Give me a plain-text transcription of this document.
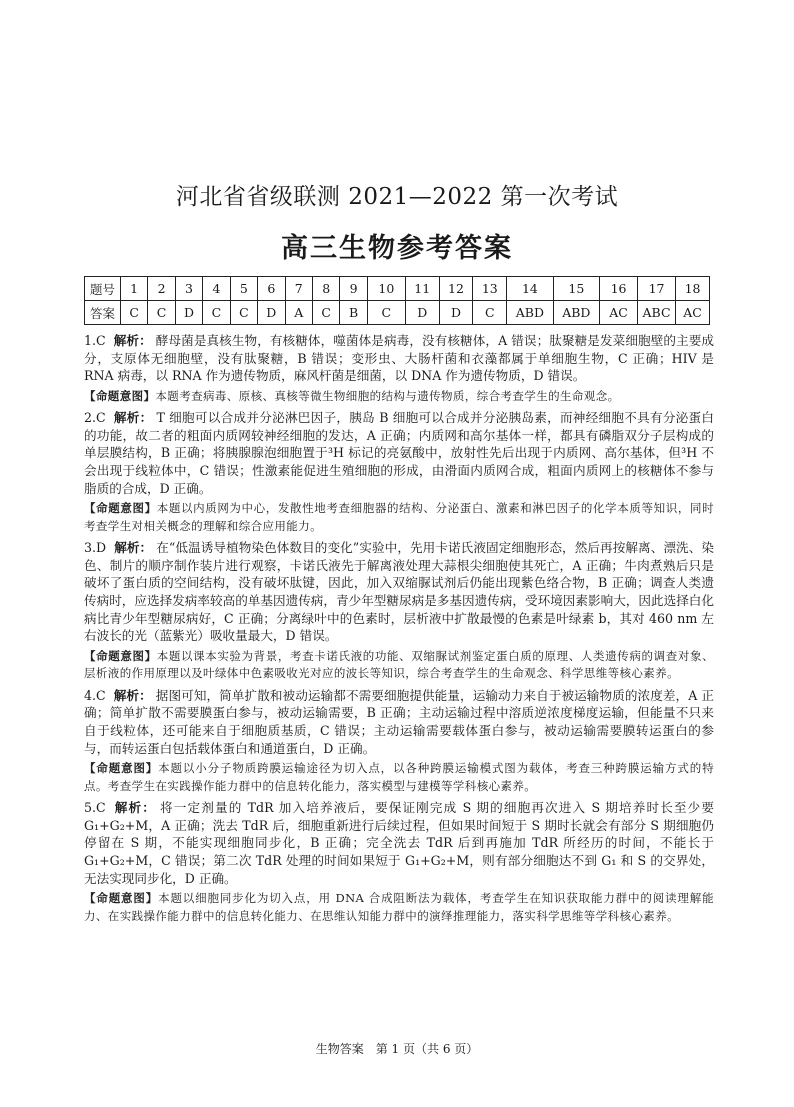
河北省省级联测 2021—2022 第一次考试
高三生物参考答案
题号	1	2	3	4	5	6	7	8	9	10	11	12	13	14	15	16	17	18
答案	C	C	D	C	C	D	A	C	B	C	D	D	C	ABD	ABD	AC	ABC	AC

1.C 解析： 酵母菌是真核生物，有核糖体，噬菌体是病毒，没有核糖体，A 错误；肽聚糖是发菜细胞壁的主要成分，支原体无细胞壁，没有肽聚糖，B 错误；变形虫、大肠杆菌和衣藻都属于单细胞生物，C 正确；HIV 是 RNA 病毒，以 RNA 作为遗传物质，麻风杆菌是细菌，以 DNA 作为遗传物质，D 错误。

【命题意图】本题考查病毒、原核、真核等微生物细胞的结构与遗传物质，综合考查学生的生命观念。

2.C 解析： T 细胞可以合成并分泌淋巴因子，胰岛 B 细胞可以合成并分泌胰岛素，而神经细胞不具有分泌蛋白的功能，故二者的粗面内质网较神经细胞的发达，A 正确；内质网和高尔基体一样，都具有磷脂双分子层构成的单层膜结构，B 正确；将胰腺腺泡细胞置于³H 标记的亮氨酸中，放射性先后出现于内质网、高尔基体，但³H 不会出现于线粒体中，C 错误；性激素能促进生殖细胞的形成，由滑面内质网合成，粗面内质网上的核糖体不参与脂质的合成，D 正确。

【命题意图】本题以内质网为中心，发散性地考查细胞器的结构、分泌蛋白、激素和淋巴因子的化学本质等知识，同时考查学生对相关概念的理解和综合应用能力。

3.D 解析： 在“低温诱导植物染色体数目的变化”实验中，先用卡诺氏液固定细胞形态，然后再按解离、漂洗、染色、制片的顺序制作装片进行观察，卡诺氏液先于解离液处理大蒜根尖细胞使其死亡，A 正确；牛肉煮熟后只是破坏了蛋白质的空间结构，没有破坏肽键，因此，加入双缩脲试剂后仍能出现紫色络合物，B 正确；调查人类遗传病时，应选择发病率较高的单基因遗传病，青少年型糖尿病是多基因遗传病，受环境因素影响大，因此选择白化病比青少年型糖尿病好，C 正确；分离绿叶中的色素时，层析液中扩散最慢的色素是叶绿素 b，其对 460 nm 左右波长的光（蓝紫光）吸收量最大，D 错误。

【命题意图】本题以课本实验为背景，考查卡诺氏液的功能、双缩脲试剂鉴定蛋白质的原理、人类遗传病的调查对象、层析液的作用原理以及叶绿体中色素吸收光对应的波长等知识，综合考查学生的生命观念、科学思维等核心素养。

4.C 解析： 据图可知，简单扩散和被动运输都不需要细胞提供能量，运输动力来自于被运输物质的浓度差，A 正确；简单扩散不需要膜蛋白参与，被动运输需要，B 正确；主动运输过程中溶质逆浓度梯度运输，但能量不只来自于线粒体，还可能来自于细胞质基质，C 错误；主动运输需要载体蛋白参与，被动运输需要膜转运蛋白的参与，而转运蛋白包括载体蛋白和通道蛋白，D 正确。

【命题意图】本题以小分子物质跨膜运输途径为切入点，以各种跨膜运输模式图为载体，考查三种跨膜运输方式的特点。考查学生在实践操作能力群中的信息转化能力，落实模型与建模等学科核心素养。

5.C 解析： 将一定剂量的 TdR 加入培养液后，要保证刚完成 S 期的细胞再次进入 S 期培养时长至少要 G₁+G₂+M，A 正确；洗去 TdR 后，细胞重新进行后续过程，但如果时间短于 S 期时长就会有部分 S 期细胞仍停留在 S 期，不能实现细胞同步化，B 正确；完全洗去 TdR 后到再施加 TdR 所经历的时间，不能长于 G₁+G₂+M，C 错误；第二次 TdR 处理的时间如果短于 G₁+G₂+M，则有部分细胞达不到 G₁ 和 S 的交界处，无法实现同步化，D 正确。

【命题意图】本题以细胞同步化为切入点，用 DNA 合成阻断法为载体，考查学生在知识获取能力群中的阅读理解能力、在实践操作能力群中的信息转化能力、在思维认知能力群中的演绎推理能力，落实科学思维等学科核心素养。

生物答案　第 1 页（共 6 页）
